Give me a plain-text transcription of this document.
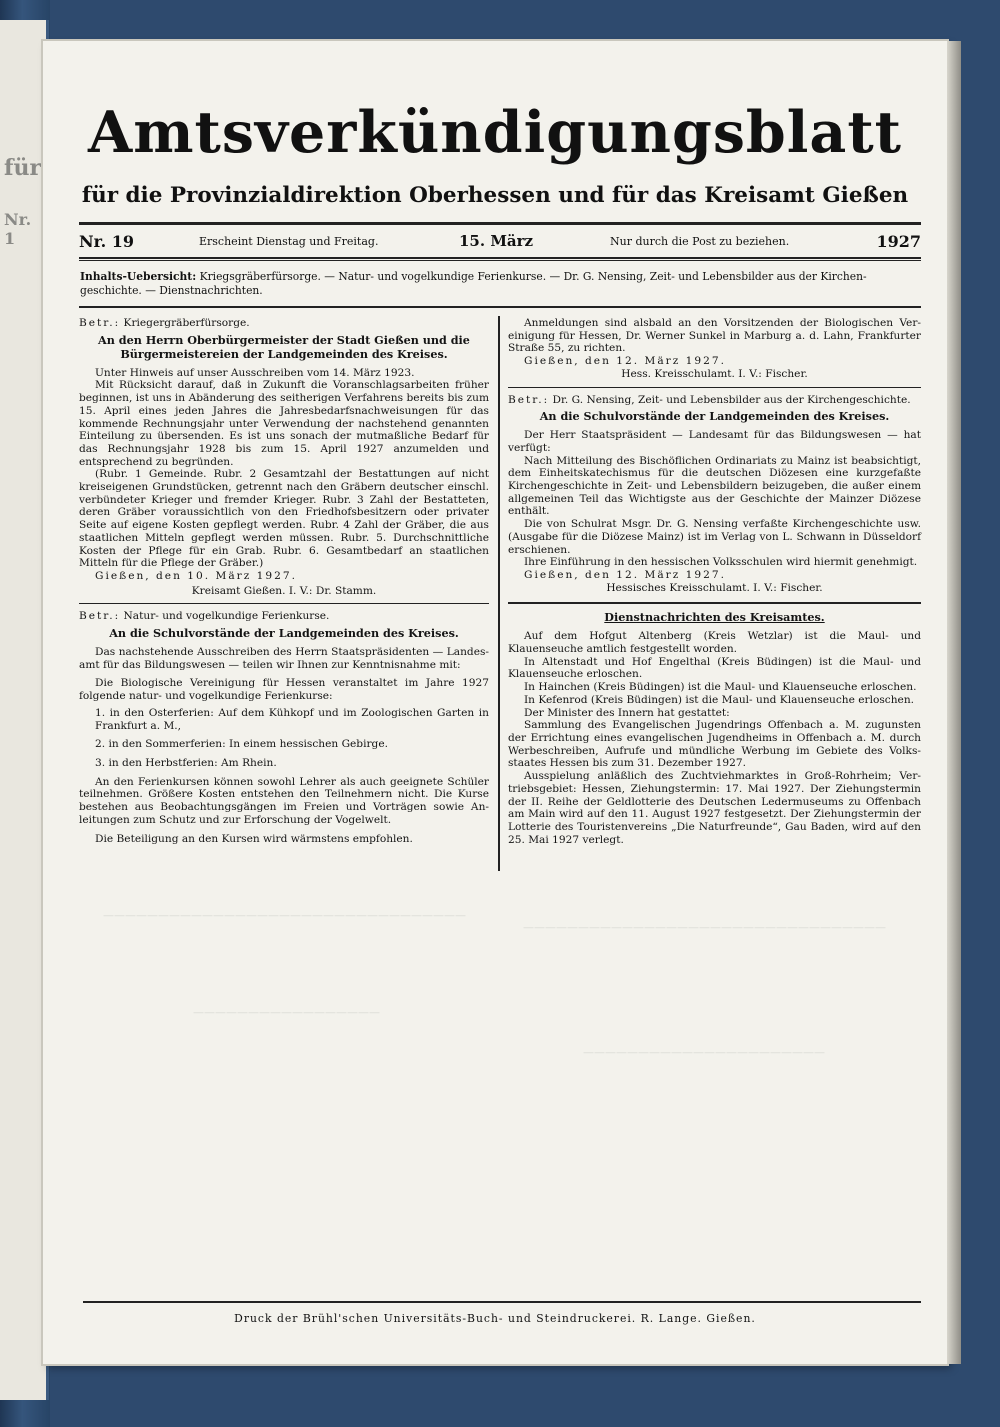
für
Nr. 1
—————————————————————————————————
—————————————————————————————————
—————————————————
——————————————————————
Amtsverkündigungsblatt
für die Provinzialdirektion Oberhessen und für das Kreisamt Gießen
Nr. 19	Erscheint Dienstag und Freitag.	15. März	Nur durch die Post zu beziehen.	1927
Inhalts-Uebersicht: Kriegsgräberfürsorge. — Natur- und vogelkundige Ferienkurse. — Dr. G. Nensing, Zeit- und Lebensbilder aus der Kirchengeschichte. — Dienstnachrichten.

Betr.: Kriegergräberfürsorge.

An den Herrn Oberbürgermeister der Stadt Gießen und die Bürgermeistereien der Landgemeinden des Kreises.

Unter Hinweis auf unser Ausschreiben vom 14. März 1923.

Mit Rücksicht darauf, daß in Zukunft die Voranschlagsarbeiten früher beginnen, ist uns in Abänderung des seitherigen Verfahrens bereits bis zum 15. April eines jeden Jahres die Jahresbedarfsnachweisungen für das kommende Rechnungsjahr unter Verwendung der nachstehend genannten Einteilung zu übersenden. Es ist uns sonach der mutmaßliche Bedarf für das Rechnungsjahr 1928 bis zum 15. April 1927 anzumelden und entsprechend zu begründen.

(Rubr. 1 Gemeinde. Rubr. 2 Gesamtzahl der Bestattungen auf nicht kreiseigenen Grundstücken, getrennt nach den Gräbern deutscher einschl. verbündeter Krieger und fremder Krieger. Rubr. 3 Zahl der Bestatteten, deren Gräber voraussichtlich von den Friedhofsbesitzern oder privater Seite auf eigene Kosten gepflegt werden. Rubr. 4 Zahl der Gräber, die aus staatlichen Mitteln gepflegt werden müssen. Rubr. 5. Durchschnittliche Kosten der Pflege für ein Grab. Rubr. 6. Gesamtbedarf an staatlichen Mitteln für die Pflege der Gräber.)

Gießen, den 10. März 1927.

Kreisamt Gießen. I. V.: Dr. Stamm.

Betr.: Natur- und vogelkundige Ferienkurse.

An die Schulvorstände der Landgemeinden des Kreises.

Das nachstehende Ausschreiben des Herrn Staatspräsidenten — Landesamt für das Bildungswesen — teilen wir Ihnen zur Kenntnisnahme mit:

Die Biologische Vereinigung für Hessen veranstaltet im Jahre 1927 folgende natur- und vogelkundige Ferienkurse:

1. in den Osterferien: Auf dem Kühkopf und im Zoologischen Garten in Frankfurt a. M.,
2. in den Sommerferien: In einem hessischen Gebirge.
3. in den Herbstferien: Am Rhein.

An den Ferienkursen können sowohl Lehrer als auch geeignete Schüler teilnehmen. Größere Kosten entstehen den Teilnehmern nicht. Die Kurse bestehen aus Beobachtungsgängen im Freien und Vorträgen sowie Anleitungen zum Schutz und zur Erforschung der Vogelwelt.

Die Beteiligung an den Kursen wird wärmstens empfohlen.

Anmeldungen sind alsbald an den Vorsitzenden der Biologischen Vereinigung für Hessen, Dr. Werner Sunkel in Marburg a. d. Lahn, Frankfurter Straße 55, zu richten.

Gießen, den 12. März 1927.

Hess. Kreisschulamt. I. V.: Fischer.

Betr.: Dr. G. Nensing, Zeit- und Lebensbilder aus der Kirchengeschichte.

An die Schulvorstände der Landgemeinden des Kreises.

Der Herr Staatspräsident — Landesamt für das Bildungswesen — hat verfügt:

Nach Mitteilung des Bischöflichen Ordinariats zu Mainz ist beabsichtigt, dem Einheitskatechismus für die deutschen Diözesen eine kurzgefaßte Kirchengeschichte in Zeit- und Lebensbildern beizugeben, die außer einem allgemeinen Teil das Wichtigste aus der Geschichte der Mainzer Diözese enthält.

Die von Schulrat Msgr. Dr. G. Nensing verfaßte Kirchengeschichte usw. (Ausgabe für die Diözese Mainz) ist im Verlag von L. Schwann in Düsseldorf erschienen.

Ihre Einführung in den hessischen Volksschulen wird hiermit genehmigt.

Gießen, den 12. März 1927.

Hessisches Kreisschulamt. I. V.: Fischer.

Dienstnachrichten des Kreisamtes.

Auf dem Hofgut Altenberg (Kreis Wetzlar) ist die Maul- und Klauenseuche amtlich festgestellt worden.

In Altenstadt und Hof Engelthal (Kreis Büdingen) ist die Maul- und Klauenseuche erloschen.

In Hainchen (Kreis Büdingen) ist die Maul- und Klauenseuche erloschen.

In Kefenrod (Kreis Büdingen) ist die Maul- und Klauenseuche erloschen.

Der Minister des Innern hat gestattet:

Sammlung des Evangelischen Jugendrings Offenbach a. M. zugunsten der Errichtung eines evangelischen Jugendheims in Offenbach a. M. durch Werbeschreiben, Aufrufe und mündliche Werbung im Gebiete des Volksstaates Hessen bis zum 31. Dezember 1927.

Ausspielung anläßlich des Zuchtviehmarktes in Groß-Rohrheim; Vertriebsgebiet: Hessen, Ziehungstermin: 17. Mai 1927. Der Ziehungstermin der II. Reihe der Geldlotterie des Deutschen Ledermuseums zu Offenbach am Main wird auf den 11. August 1927 festgesetzt. Der Ziehungstermin der Lotterie des Touristenvereins „Die Naturfreunde“, Gau Baden, wird auf den 25. Mai 1927 verlegt.

Druck der Brühl'schen Universitäts-Buch- und Steindruckerei. R. Lange. Gießen.
